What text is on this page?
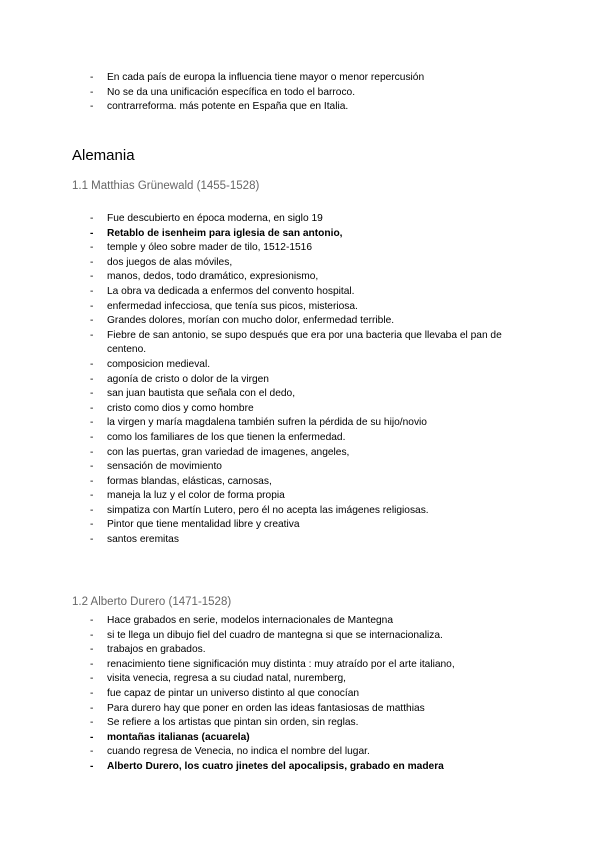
- En cada país de europa la influencia tiene mayor o menor repercusión
- No se da una unificación específica en todo el barroco.
- contrarreforma. más potente en España que en Italia.
Alemania
1.1 Matthias Grünewald (1455-1528)
- Fue descubierto en época moderna, en siglo 19
- Retablo de isenheim para iglesia de san antonio,
- temple y óleo sobre mader de tilo, 1512-1516
- dos juegos de alas móviles,
- manos, dedos, todo dramático, expresionismo,
- La obra va dedicada a enfermos del convento hospital.
- enfermedad infecciosa, que tenía sus picos, misteriosa.
- Grandes dolores, morían con mucho dolor, enfermedad terrible.
- Fiebre de san antonio, se supo después que era por una bacteria que llevaba el pan de centeno.
- composicion medieval.
- agonía de cristo o dolor de la virgen
- san juan bautista que señala con el dedo,
- cristo como dios y como hombre
- la virgen y maría magdalena también sufren la pérdida de su hijo/novio
- como los familiares de los que tienen la enfermedad.
- con las puertas, gran variedad de imagenes, angeles,
- sensación de movimiento
- formas blandas, elásticas, carnosas,
- maneja la luz y el color de forma propia
- simpatiza con Martín Lutero, pero él no acepta las imágenes religiosas.
- Pintor que tiene mentalidad libre y creativa
- santos eremitas
1.2 Alberto Durero (1471-1528)
- Hace grabados en serie, modelos internacionales de Mantegna
- si te llega un dibujo fiel del cuadro de mantegna si que se internacionaliza.
- trabajos en grabados.
- renacimiento tiene significación muy distinta : muy atraído por el arte italiano,
- visita venecia, regresa a su ciudad natal, nuremberg,
- fue capaz de pintar un universo distinto al que conocían
- Para durero hay que poner en orden las ideas fantasiosas de matthias
- Se refiere a los artistas que pintan sin orden, sin reglas.
- montañas italianas (acuarela)
- cuando regresa de Venecia, no indica el nombre del lugar.
- Alberto Durero, los cuatro jinetes del apocalipsis, grabado en madera
